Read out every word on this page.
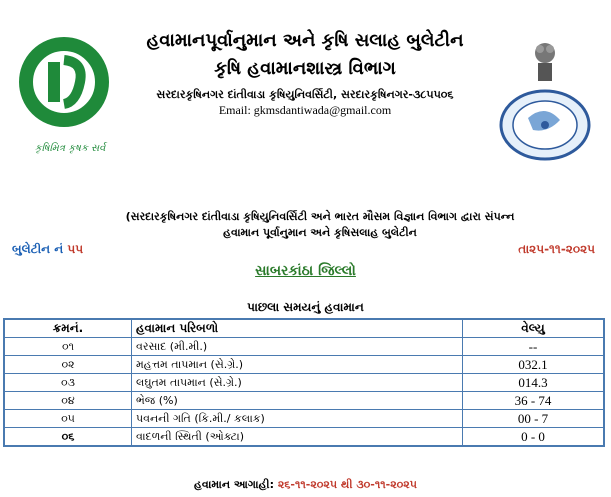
કૃષિમિત્ર કૃષક સર્વ
હવામાનપૂર્વાનુમાન અને કૃષિ સલાહ બુલેટીન
કૃષિ હવામાનશાસ્ત્ર વિભાગ
સરદારકૃષિનગર દાંતીવાડા કૃષિયુનિવર્સિટી, સરદારકૃષિનગર-૩૮૫૫૦૬
Email: gkmsdantiwada@gmail.com
(સરદારકૃષિનગર દાંતીવાડા કૃષિયુનિવર્સિટી અને ભારત મૌસમ વિજ્ઞાન વિભાગ દ્વારા સંપન્ન
હવામાન પૂર્વાનુમાન અને કૃષિસલાહ બુલેટીન
બુલેટીન નં ૫૫	તા૨૫-૧૧-૨૦૨૫
સાબરકાંઠા જિલ્લો
પાછલા સમયનું હવામાન
ક્રમનં.	હવામાન પરિબળો	વેલ્યુ
૦૧	વરસાદ (મી.મી.)	--
૦૨	મહત્તમ તાપમાન (સે.ગ્રે.)	032.1
૦૩	લઘુતમ તાપમાન (સે.ગ્રે.)	014.3
૦૪	ભેજ (%)	36 - 74
૦૫	પવનની ગતિ (કિ.મી./ કલાક)	00 - 7
૦૬	વાદળની સ્થિતી (ઓક્ટા)	0 - 0
હવામાન આગાહી: ૨૬-૧૧-૨૦૨૫ થી ૩૦-૧૧-૨૦૨૫
